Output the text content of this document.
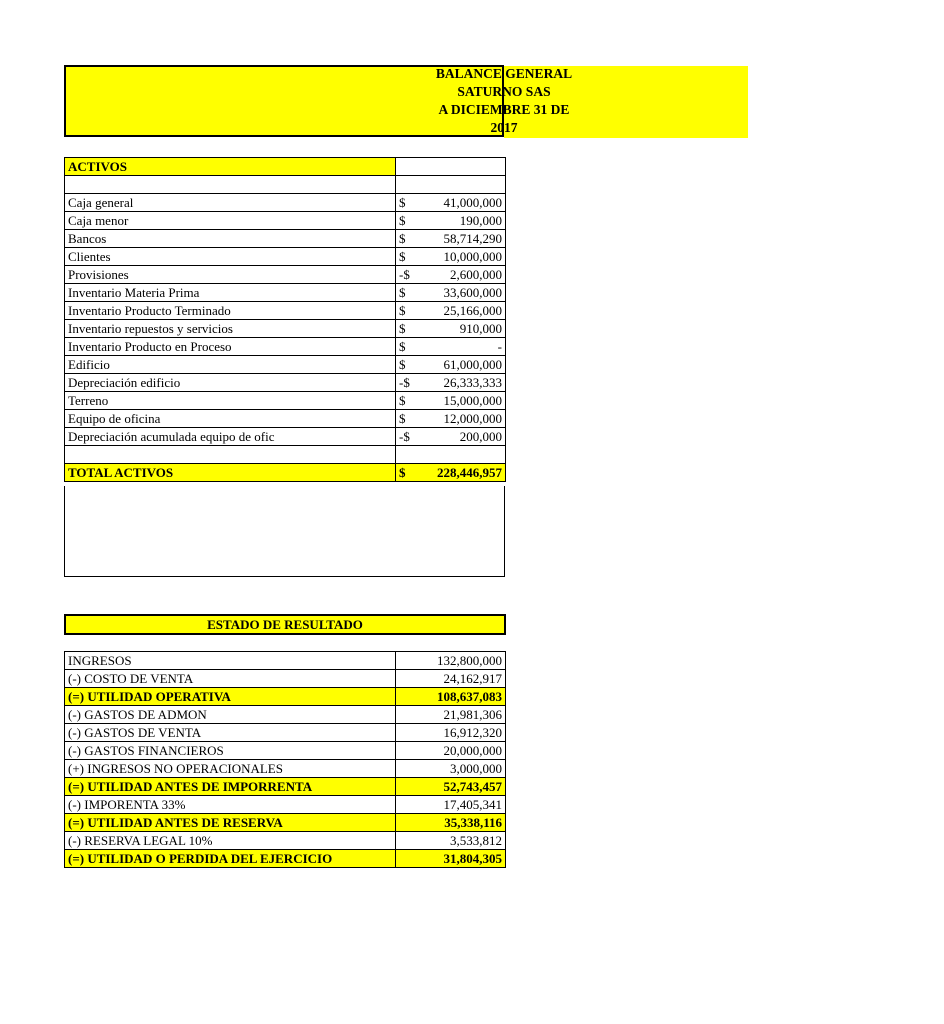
BALANCE GENERAL
SATURNO SAS
A DICIEMBRE 31 DE
2017
ACTIVOS	

Caja general	$ 41,000,000

Caja menor	$ 190,000

Bancos	$ 58,714,290

Clientes	$ 10,000,000

Provisiones	-$ 2,600,000

Inventario Materia Prima	$ 33,600,000

Inventario Producto Terminado	$ 25,166,000

Inventario repuestos y servicios	$ 910,000

Inventario Producto en Proceso	$ -

Edificio	$ 61,000,000

Depreciación edificio	-$ 26,333,333

Terreno	$ 15,000,000

Equipo de oficina	$ 12,000,000

Depreciación acumulada equipo de ofic	-$ 200,000

TOTAL ACTIVOS	$ 228,446,957
ESTADO DE RESULTADO
INGRESOS	132,800,000
(-) COSTO DE VENTA	24,162,917
(=) UTILIDAD OPERATIVA	108,637,083
(-) GASTOS DE ADMON	21,981,306
(-) GASTOS DE VENTA	16,912,320
(-) GASTOS FINANCIEROS	20,000,000
(+) INGRESOS NO OPERACIONALES	3,000,000
(=) UTILIDAD ANTES DE IMPORRENTA	52,743,457
(-) IMPORENTA 33%	17,405,341
(=) UTILIDAD ANTES DE RESERVA	35,338,116
(-) RESERVA LEGAL 10%	3,533,812
(=) UTILIDAD O PERDIDA DEL EJERCICIO	31,804,305
